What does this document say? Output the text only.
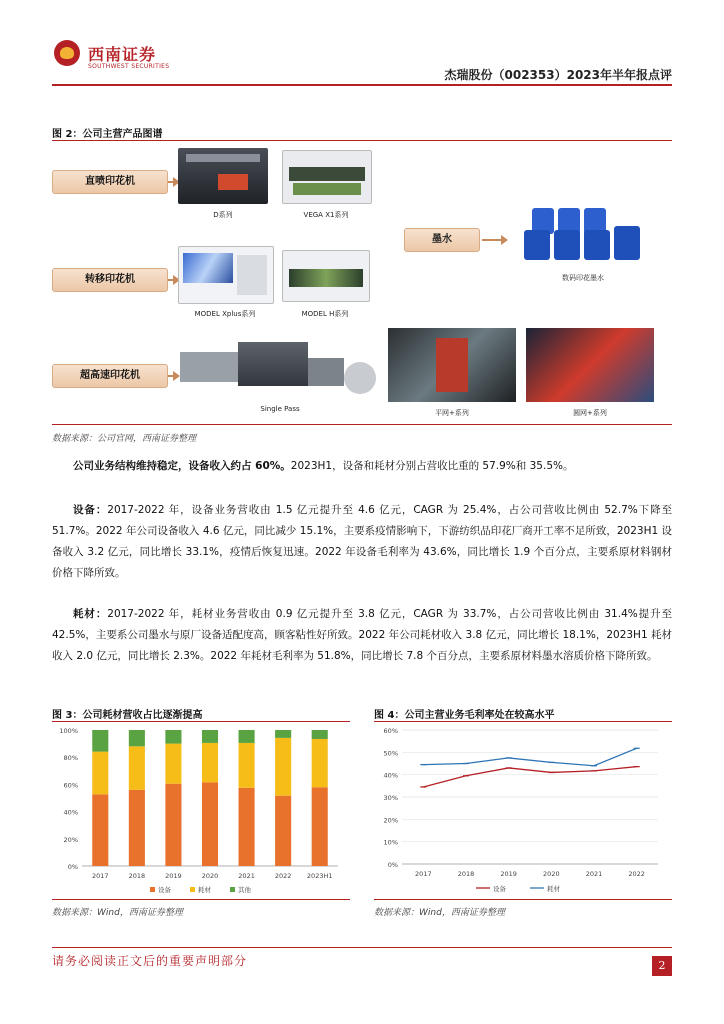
西南证券
SOUTHWEST SECURITIES
杰瑞股份（002353）2023年半年报点评
图 2：公司主营产品图谱
直喷印花机
D系列	VEGA X1系列
转移印花机
MODEL Xplus系列	MODEL H系列
墨水
数码印花墨水
超高速印花机
Single Pass	平网+系列	圆网+系列
数据来源：公司官网，西南证券整理
公司业务结构维持稳定，设备收入约占 60%。2023H1，设备和耗材分别占营收比重的 57.9%和 35.5%。
设备：2017-2022 年，设备业务营收由 1.5 亿元提升至 4.6 亿元，CAGR 为 25.4%，占公司营收比例由 52.7%下降至 51.7%。2022 年公司设备收入 4.6 亿元，同比减少 15.1%，主要系疫情影响下，下游纺织品印花厂商开工率不足所致，2023H1 设备收入 3.2 亿元，同比增长 33.1%，疫情后恢复迅速。2022 年设备毛利率为 43.6%，同比增长 1.9 个百分点，主要系原材料钢材价格下降所致。
耗材：2017-2022 年，耗材业务营收由 0.9 亿元提升至 3.8 亿元，CAGR 为 33.7%，占公司营收比例由 31.4%提升至 42.5%，主要系公司墨水与原厂设备适配度高，顾客粘性好所致。2022 年公司耗材收入 3.8 亿元，同比增长 18.1%，2023H1 耗材收入 2.0 亿元，同比增长 2.3%。2022 年耗材毛利率为 51.8%，同比增长 7.8 个百分点，主要系原材料墨水溶质价格下降所致。
图 3：公司耗材营收占比逐渐提高
0%
20%
40%
60%
80%
100%
2017	2018	2019	2020	2021	2022 2023H1
设备	耗材	其他
数据来源：Wind，西南证券整理
图 4：公司主营业务毛利率处在较高水平
0%
10%
20%
30%
40%
50%
60%
2017	2018	2019	2020	2021	2022
设备	耗材
数据来源：Wind，西南证券整理
请务必阅读正文后的重要声明部分	2
